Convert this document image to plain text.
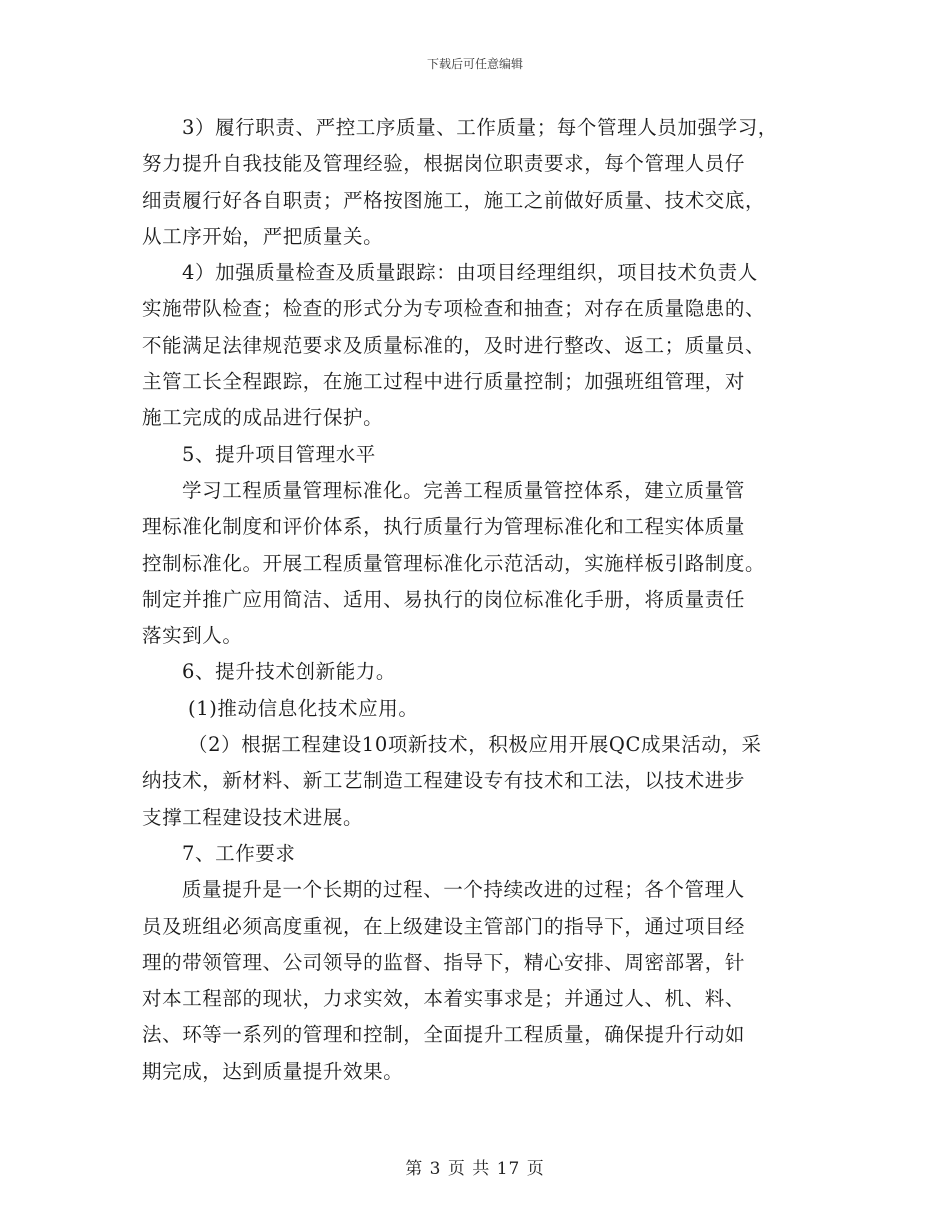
下载后可任意编辑
3）履行职责、严控工序质量、工作质量；每个管理人员加强学习，
努力提升自我技能及管理经验，根据岗位职责要求，每个管理人员仔
细责履行好各自职责；严格按图施工，施工之前做好质量、技术交底，
从工序开始，严把质量关。
4）加强质量检查及质量跟踪：由项目经理组织，项目技术负责人
实施带队检查；检查的形式分为专项检查和抽查；对存在质量隐患的、
不能满足法律规范要求及质量标准的，及时进行整改、返工；质量员、
主管工长全程跟踪，在施工过程中进行质量控制；加强班组管理，对
施工完成的成品进行保护。
5、提升项目管理水平
学习工程质量管理标准化。完善工程质量管控体系，建立质量管
理标准化制度和评价体系，执行质量行为管理标准化和工程实体质量
控制标准化。开展工程质量管理标准化示范活动，实施样板引路制度。
制定并推广应用简洁、适用、易执行的岗位标准化手册，将质量责任
落实到人。
6、提升技术创新能力。
(1)推动信息化技术应用。
（2）根据工程建设10项新技术，积极应用开展QC成果活动，采
纳技术，新材料、新工艺制造工程建设专有技术和工法，以技术进步
支撑工程建设技术进展。
7、工作要求
质量提升是一个长期的过程、一个持续改进的过程；各个管理人
员及班组必须高度重视，在上级建设主管部门的指导下，通过项目经
理的带领管理、公司领导的监督、指导下，精心安排、周密部署，针
对本工程部的现状，力求实效，本着实事求是；并通过人、机、料、
法、环等一系列的管理和控制，全面提升工程质量，确保提升行动如
期完成，达到质量提升效果。
第 3 页 共 17 页
